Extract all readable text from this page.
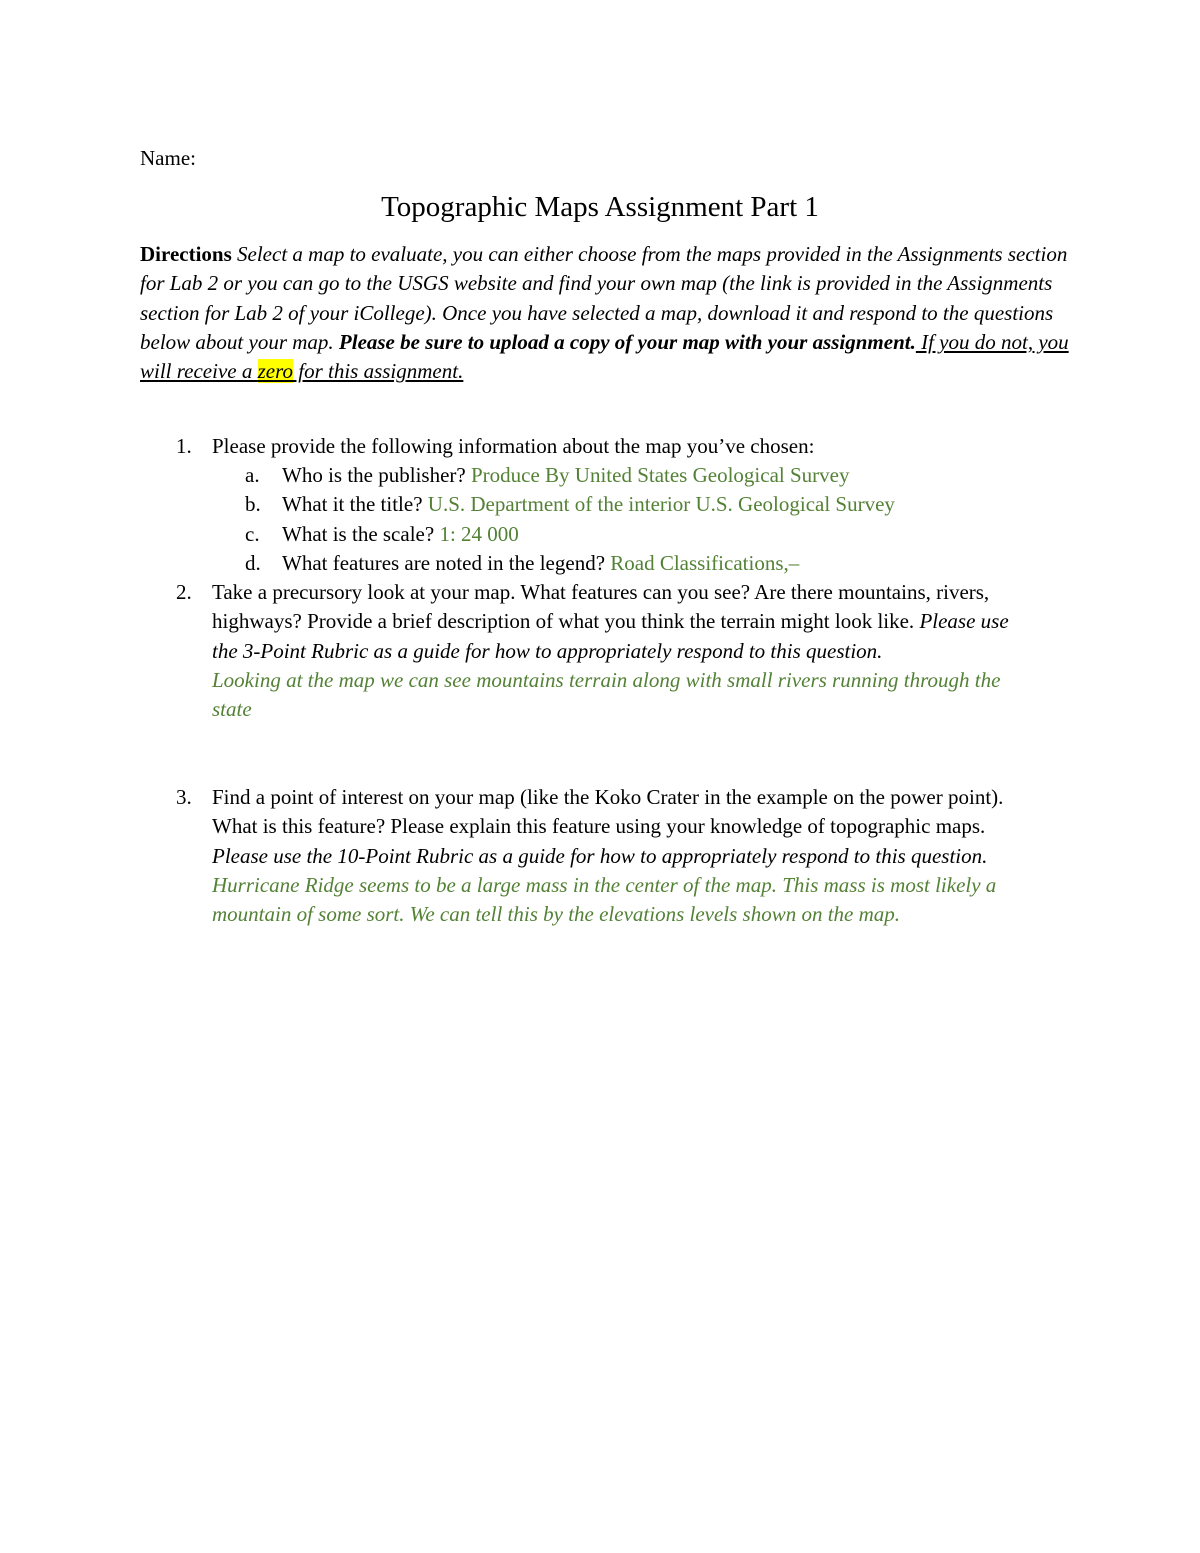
Name:
Topographic Maps Assignment Part 1
Directions Select a map to evaluate, you can either choose from the maps provided in the Assignments section for Lab 2 or you can go to the USGS website and find your own map (the link is provided in the Assignments section for Lab 2 of your iCollege). Once you have selected a map, download it and respond to the questions below about your map. Please be sure to upload a copy of your map with your assignment. If you do not, you will receive a zero for this assignment.
1. Please provide the following information about the map you’ve chosen:
a. Who is the publisher? Produce By United States Geological Survey
b. What it the title? U.S. Department of the interior U.S. Geological Survey
c. What is the scale? 1: 24 000
d. What features are noted in the legend? Road Classifications,–
2. Take a precursory look at your map. What features can you see? Are there mountains, rivers, highways? Provide a brief description of what you think the terrain might look like. Please use the 3-Point Rubric as a guide for how to appropriately respond to this question.
Looking at the map we can see mountains terrain along with small rivers running through the state
3. Find a point of interest on your map (like the Koko Crater in the example on the power point). What is this feature? Please explain this feature using your knowledge of topographic maps. Please use the 10-Point Rubric as a guide for how to appropriately respond to this question.
Hurricane Ridge seems to be a large mass in the center of the map. This mass is most likely a mountain of some sort. We can tell this by the elevations levels shown on the map.
